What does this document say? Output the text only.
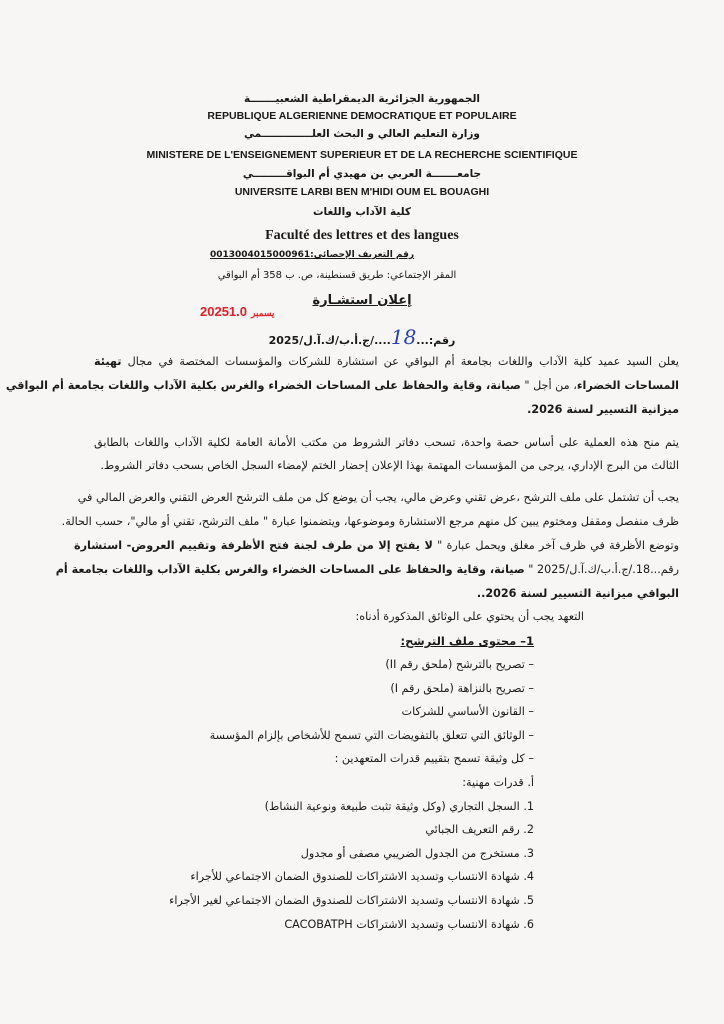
الجمهورية الجزائرية الديمقراطية الشعبيـــــــة
REPUBLIQUE ALGERIENNE DEMOCRATIQUE ET POPULAIRE
وزارة التعليم العالي و البحث العلــــــــــــــمي
MINISTERE DE L'ENSEIGNEMENT SUPERIEUR ET DE LA RECHERCHE SCIENTIFIQUE
جامعـــــــة العربي بن مهيدي أم البواقـــــــــي
UNIVERSITE LARBI BEN M'HIDI OUM EL BOUAGHI
كلية الآداب واللغات
Faculté des lettres et des langues
رقم التعريف الإحصائي:0013004015000961
المقر الإجتماعي: طريق قسنطينة، ص. ب 358 أم البواقي
إعلان استشـارة
2025 يسمبر1.0
رقم:...18..../ج.أ.ب/ك.آ.ل/2025
يعلن السيد عميد كلية الآداب واللغات بجامعة أم البواقي عن استشارة للشركات والمؤسسات المختصة في مجال تهيئة
المساحات الخضراء، من أجل " صيانة، وقاية والحفاظ على المساحات الخضراء والغرس بكلية الآداب واللغات بجامعة أم البواقي
ميزانية التسيير لسنة 2026.
يتم منح هذه العملية على أساس حصة واحدة، تسحب دفاتر الشروط من مكتب الأمانة العامة لكلية الآداب واللغات بالطابق
الثالث من البرج الإداري، يرجى من المؤسسات المهتمة بهذا الإعلان إحضار الختم لإمضاء السجل الخاص بسحب دفاتر الشروط.
يجب أن تشتمل على ملف الترشح ،عرض تقني وعرض مالي، يجب أن يوضع كل من ملف الترشح العرض التقني والعرض المالي في
ظرف منفصل ومقفل ومختوم يبين كل منهم مرجع الاستشارة وموضوعها، ويتضمنوا عبارة " ملف الترشح، تقني أو مالي"، حسب الحالة.
وتوضع الأظرفة في ظرف آخر مغلق ويحمل عبارة " لا يفتح إلا من طرف لجنة فتح الأظرفة وتقييم العروض- استشارة
رقم...18./ج.أ.ب/ك.آ.ل/2025 " صيانة، وقاية والحفاظ على المساحات الخضراء والغرس بكلية الآداب واللغات بجامعة أم
البواقي ميزانية التسيير لسنة 2026..
التعهد يجب أن يحتوي على الوثائق المذكورة أدناه:
1– محتوى ملف الترشح:
– تصريح بالترشح (ملحق رقم II)
– تصريح بالنزاهة (ملحق رقم I)
– القانون الأساسي للشركات
– الوثائق التي تتعلق بالتفويضات التي تسمح للأشخاص بإلزام المؤسسة
– كل وثيقة تسمح بتقييم قدرات المتعهدين :
أ. قدرات مهنية:
1. السجل التجاري (وكل وثيقة تثبت طبيعة ونوعية النشاط)
2. رقم التعريف الجبائي
3. مستخرج من الجدول الضريبي مصفى أو مجدول
4. شهادة الانتساب وتسديد الاشتراكات للصندوق الضمان الاجتماعي للأجراء
5. شهادة الانتساب وتسديد الاشتراكات للصندوق الضمان الاجتماعي لغير الأجراء
6. شهادة الانتساب وتسديد الاشتراكات CACOBATPH
